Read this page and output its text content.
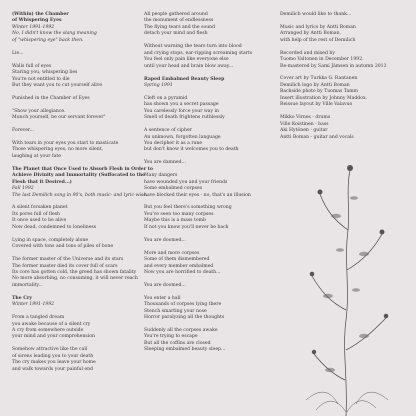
(Within) the Chamber
of Whispering Eyes
Winter 1991-1992
No, I didn't know the slang meaning
of "whispering eye" back then.
Lie...
Walls full of eyes
Staring you, whispering lies
You're not entitled to die
But they want you to cut yourself alive
Punished in the Chamber of Eyes
"Show your allegiance.
Munch yourself, be our servant forever"
Forever...
With tears in your eyes you start to masticate
Those whispering eyes, no more silent,
laughing at your fate
The Planet that Once Used to Absorb Flesh in Order to
Achieve Divinity and Immortality (Suffocated to the
Flesh that it Desired...)
Fall 1992
The last Demilich song in 90's, both music- and lyric-wise.
A silent forsaken planet
Its pores full of flesh
It once used to be alive
Now dead, condemned to loneliness
Lying in space, completely alone
Covered with tons and tons of piles of bone
The former master of the Universe and its stars
The former master died its cover full of scars
Its core has gotten cold, the greed has shown fatality
No more absorbing, no consuming, it will never reach
immortality...
The Cry
Winter 1991-1992
From a tangled dream
you awake because of a silent cry
A cry from somewhere outside
your mind and your comprehension
Somehow attractive like the call
of sirens leading you to your death
The cry makes you leave your home
and walk towards your painful end
All people gathered around
the monument of endlessness
The flying tears and the sound
detach your mind and flesh
Without warning the tears turn into blood
and crying stops, ear-ripping screaming starts
You feel only pain like everyone else
until your head and brain blow away...
Raped Embalmed Beauty Sleep
Spring 1991
Cleft on a pyramid
has shown you a secret passage
You carelessly force your way in
Smell of death frightens ruthlessly
A sentence of cipher
An unknown, forgotten language
You decipher it as a rune
but don't know it welcomes you to death
You are damned...
Many dangers
have wounded you and your friends
Some embalmed corpses
have blocked their eyes - no, that's an illusion
But you feel there's something wrong
You've seen too many corpses
Maybe this is a mass tomb
If not you know you'll never be back
You are doomed...
More and more corpses
Some of them dismembered
and every member embalmed
Now you are horrified to death...
You are doomed...
You enter a hall
Thousands of corpses lying there
Stench smarting your nose
Horror paralyzing all the thoughts
Suddenly all the corpses awake
You're trying to escape
But all the coffins are closed
Sleeping embalmed beauty sleep...
Demilich would like to thank...
Music and lyrics by Antti Boman
Arranged by Antti Boman,
with help of the rest of Demilich
Recorded and mixed by
Tuomo Valtonen in December 1992.
Re-mastered by Sami Jämsen in autumn 2013
Cover art by Turkka G. Rantanen
Demilich logo by Antti Boman
Backside photo by Tuomas Tamm
Insert illustration by Johnny Maddox.
Reissue layout by Ville Valavuo
Mikko Virnes - drums
Ville Koistinen - bass
Aki Hytönen - guitar
Antti Boman - guitar and vocals
